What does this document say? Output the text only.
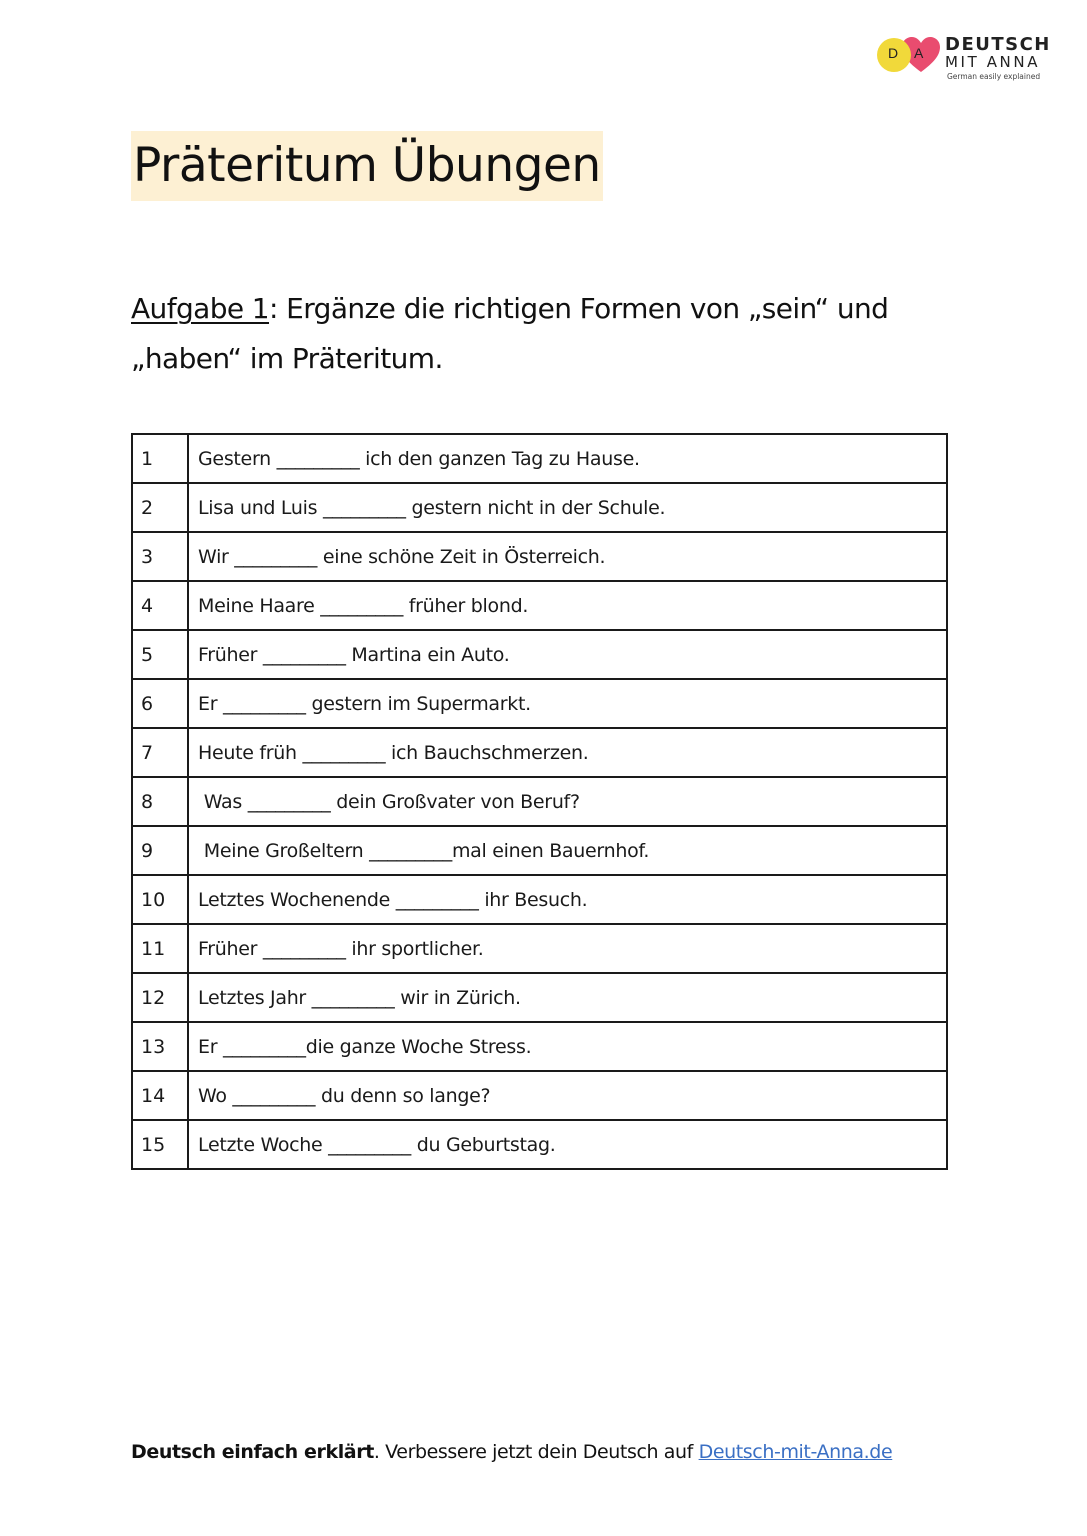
D A DEUTSCH
MIT ANNA
German easily explained
Präteritum Übungen
Aufgabe 1: Ergänze die richtigen Formen von „sein“ und „haben“ im Präteritum.
1	Gestern _________ ich den ganzen Tag zu Hause.
2	Lisa und Luis _________ gestern nicht in der Schule.
3	Wir _________ eine schöne Zeit in Österreich.
4	Meine Haare _________ früher blond.
5	Früher _________ Martina ein Auto.
6	Er _________ gestern im Supermarkt.
7	Heute früh _________ ich Bauchschmerzen.
8	Was _________ dein Großvater von Beruf?
9	Meine Großeltern _________mal einen Bauernhof.
10	Letztes Wochenende _________ ihr Besuch.
11	Früher _________ ihr sportlicher.
12	Letztes Jahr _________ wir in Zürich.
13	Er _________die ganze Woche Stress.
14	Wo _________ du denn so lange?
15	Letzte Woche _________ du Geburtstag.
Deutsch einfach erklärt. Verbessere jetzt dein Deutsch auf Deutsch-mit-Anna.de
